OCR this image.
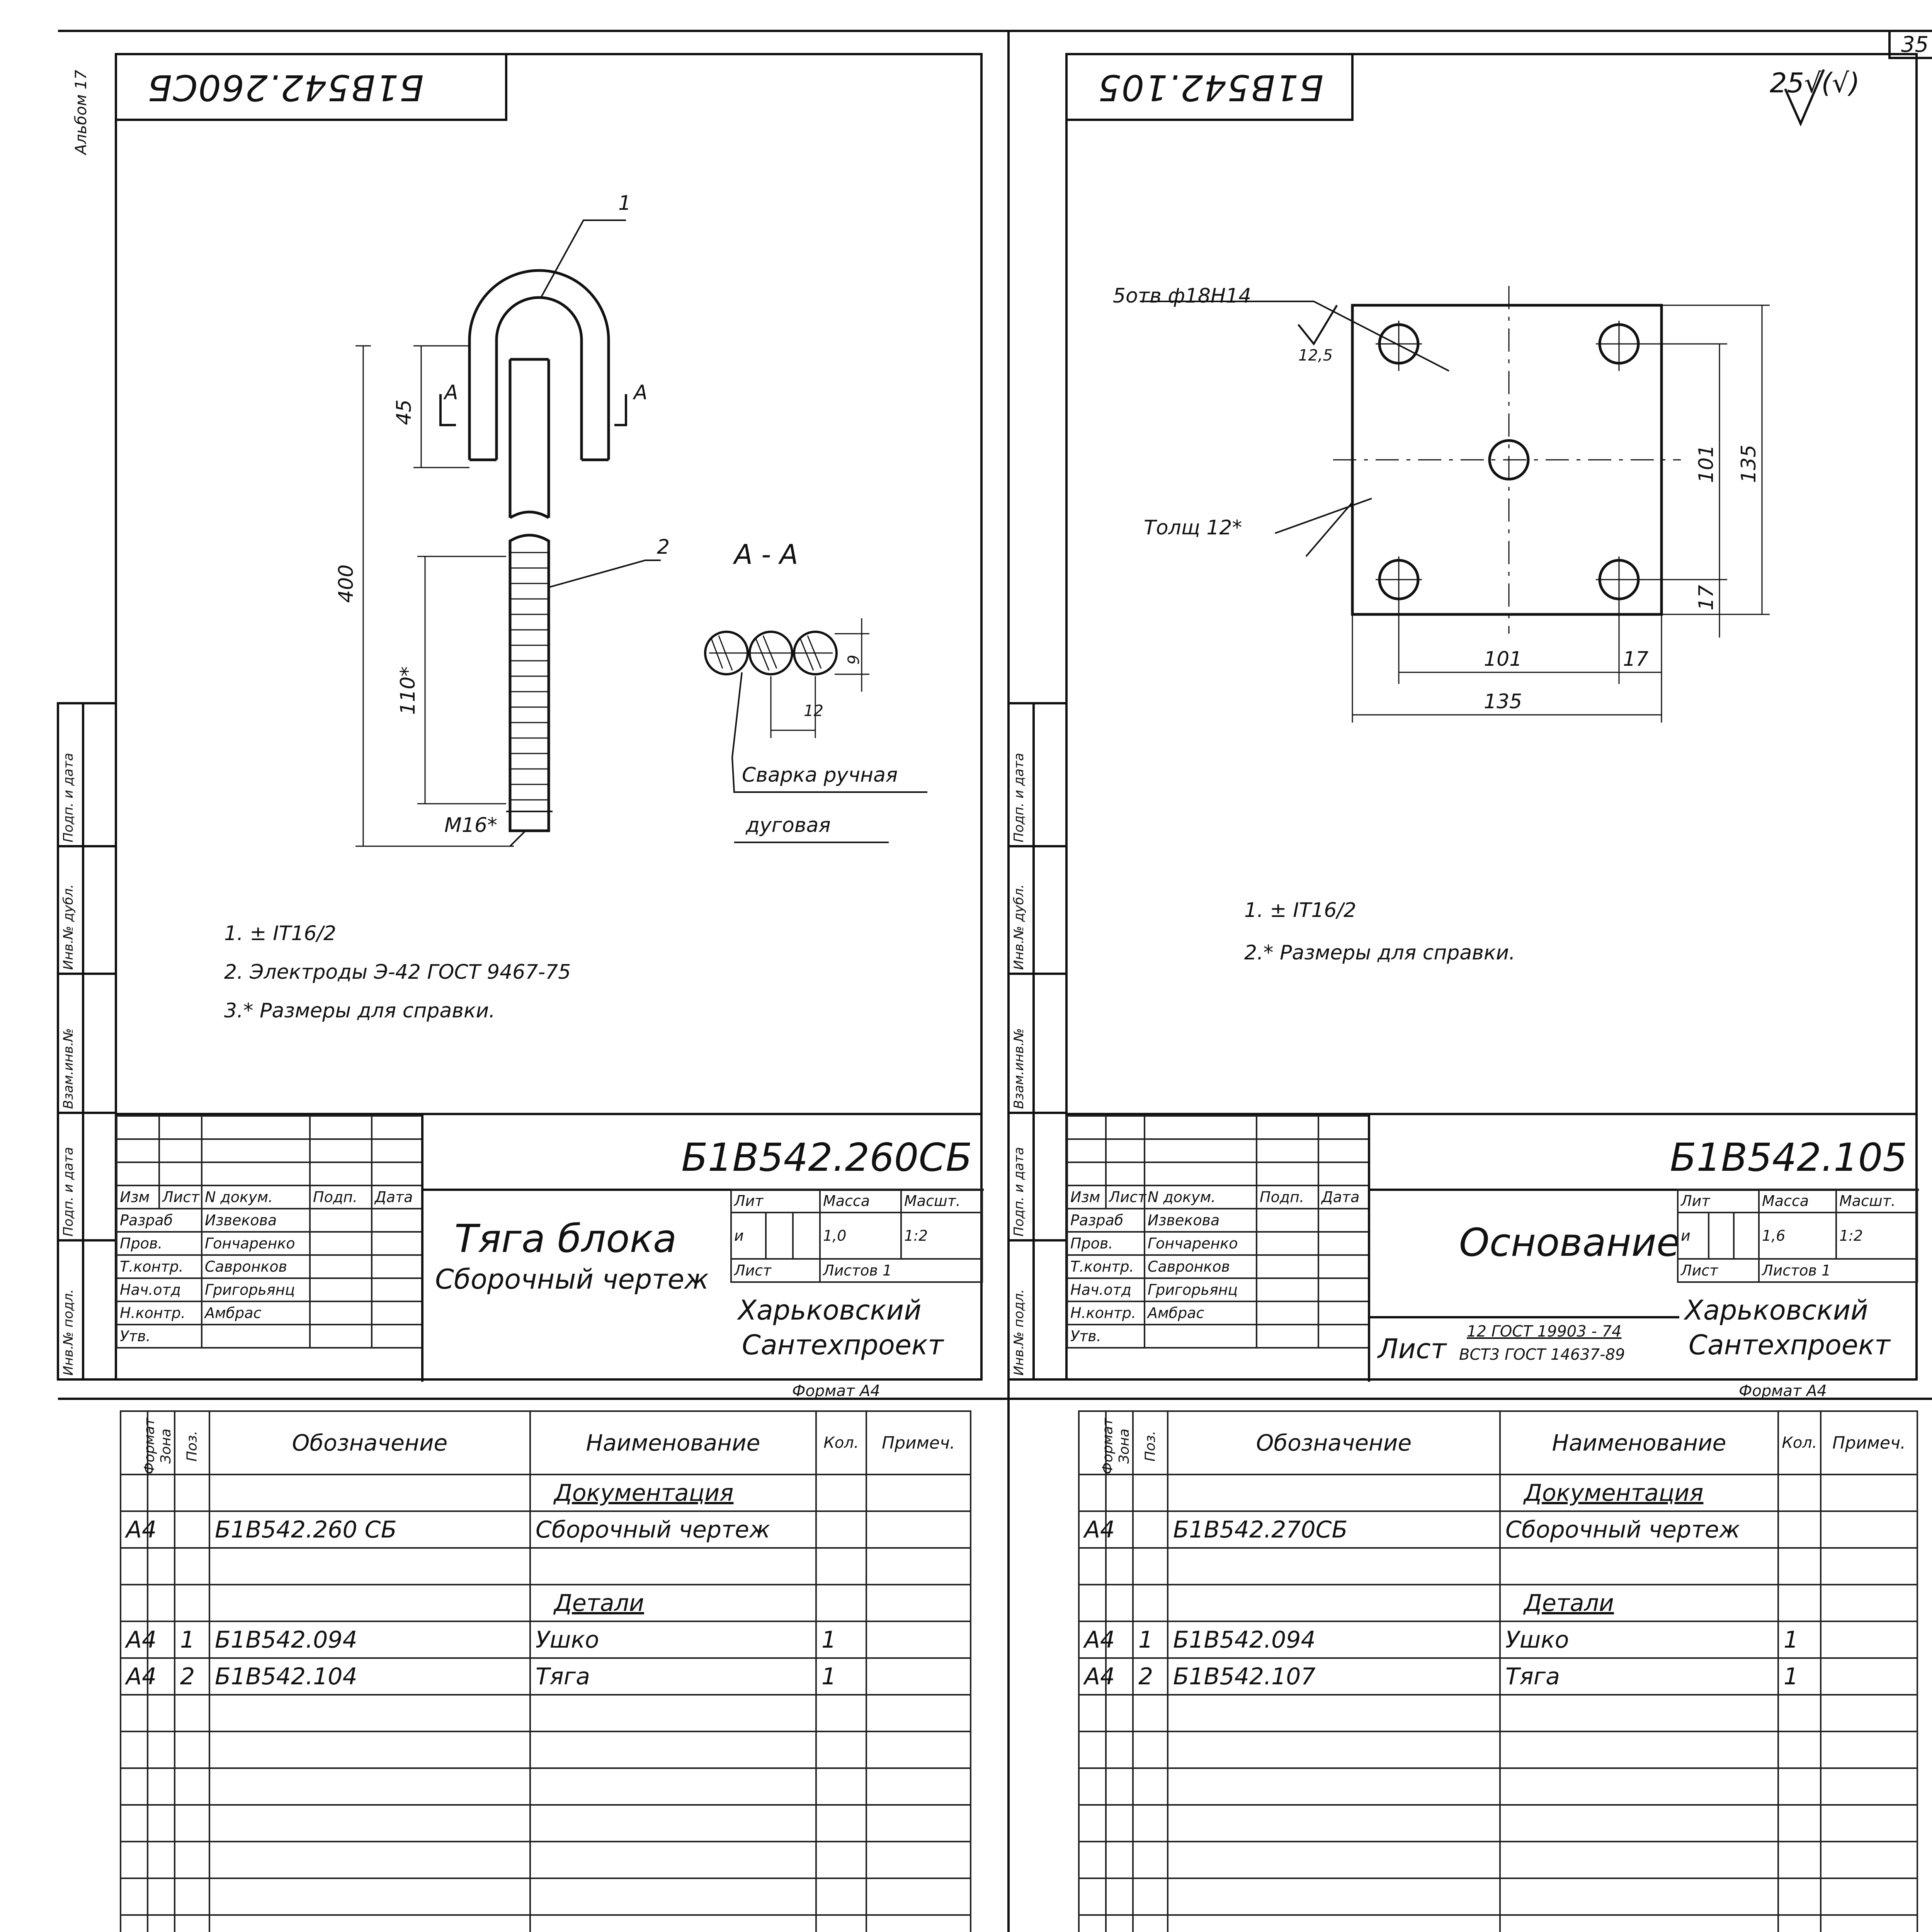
35
Альбом 17 Б1В542.260СБ
1
2
A	A
45
400
110*
M16*
A - A
9
12
Сварка ручная
дуговая
1. ± IT16/2
2. Электроды Э-42 ГОСТ 9467-75
3.* Размеры для справки.
Б1В542.105	25√(√)
5отв ф18Н14
12,5
Толщ 12*
101 135
17
101	17
135
1. ± IT16/2
2.* Размеры для справки.
Инв.№ подл.
Подп. и дата
Взам.инв.№
Инв.№ дубл.
Подп. и дата
Инв.№ подл.
Подп. и дата
Взам.инв.№
Инв.№ дубл.
Подп. и дата

Изм	Лист	N докум.	Подп.	Дата
Разраб		Извекова		
Пров.		Гончаренко		
Т.контр.		Савронков		
Нач.отд		Григорьянц		
Н.контр.		Амбрас		
Утв.				
Б1В542.260СБ
Тяга блока
Сборочный чертеж
Лит			Масса	Масшт.
и			1,0	1:2
Лист			Листов 1	
Харьковский
Сантехпроект
Формат А4

Изм	Лист	N докум.	Подп.	Дата
Разраб		Извекова		
Пров.		Гончаренко		
Т.контр.		Савронков		
Нач.отд		Григорьянц		
Н.контр.		Амбрас		
Утв.				
Б1В542.105
Основание
Лист
12 ГОСТ 19903 - 74
ВСТ3 ГОСТ 14637-89
Лит			Масса	Масшт.
и			1,6	1:2
Лист			Листов 1	
Харьковский
Сантехпроект
Формат А4
Формат	Зона	Поз.	Обозначение	Наименование	Кол.	Примеч.
				Документация		
А4			Б1В542.260 СБ	Сборочный чертеж		

				Детали		
А4		1	Б1В542.094	Ушко	1	
А4		2	Б1В542.104	Тяга	1	

Формат	Зона	Поз.	Обозначение	Наименование	Кол.	Примеч.
				Документация		
А4			Б1В542.270СБ	Сборочный чертеж		

				Детали		
А4		1	Б1В542.094	Ушко	1	
А4		2	Б1В542.107	Тяга	1	
